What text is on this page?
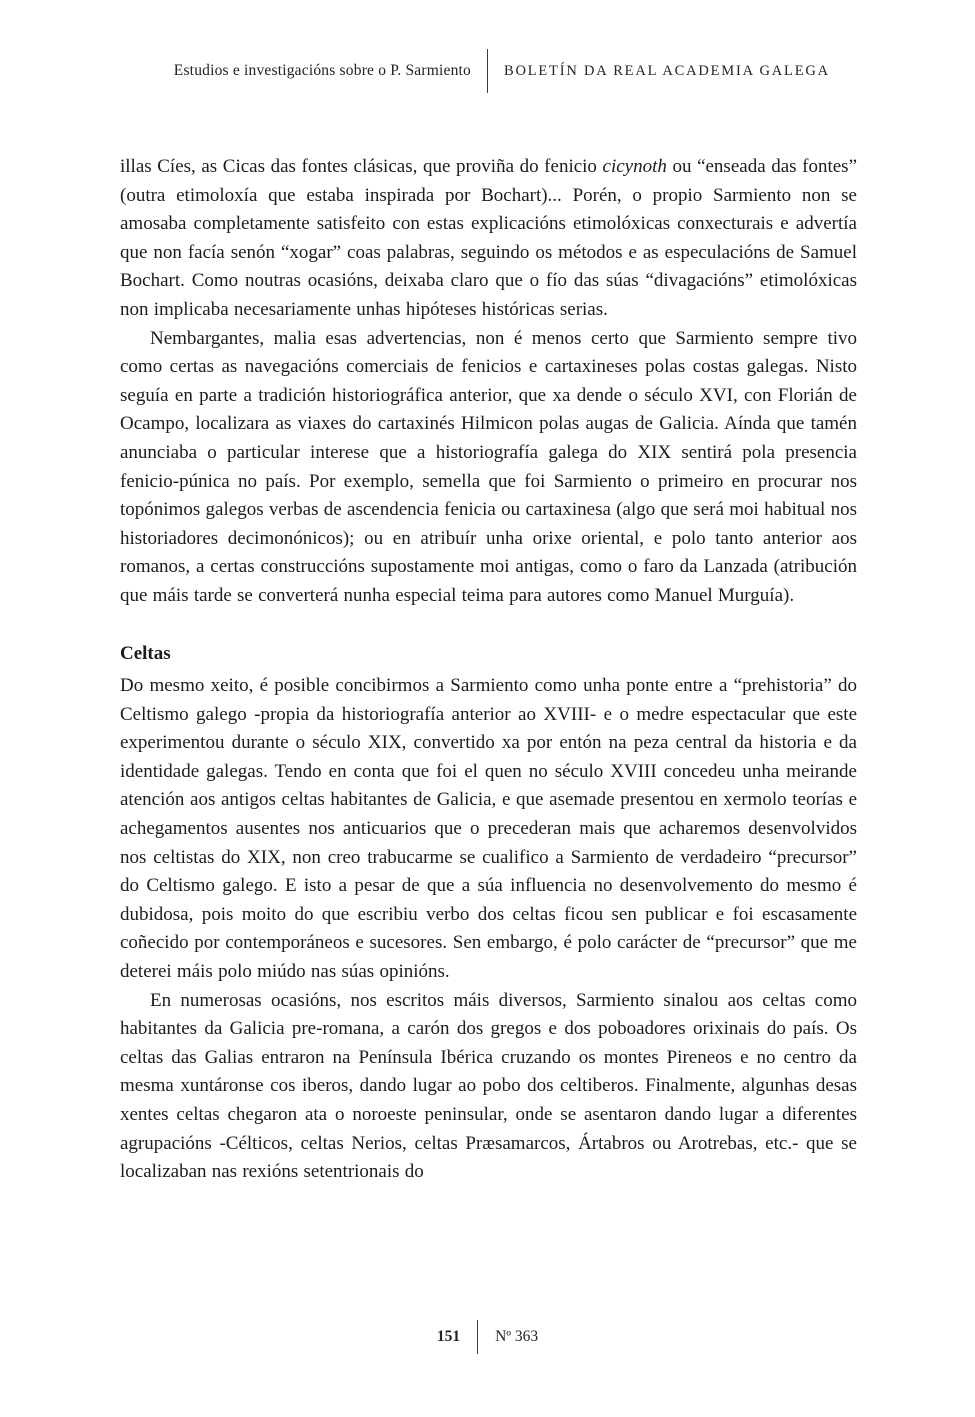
Estudios e investigacións sobre o P. Sarmiento	BOLETÍN DA REAL ACADEMIA GALEGA

illas Cíes, as Cicas das fontes clásicas, que proviña do fenicio cicynoth ou “enseada das fontes” (outra etimoloxía que estaba inspirada por Bochart)... Porén, o propio Sarmiento non se amosaba completamente satisfeito con estas explicacións etimolóxicas conxecturais e advertía que non facía senón “xogar” coas palabras, seguindo os métodos e as especulacións de Samuel Bochart. Como noutras ocasións, deixaba claro que o fío das súas “divagacións” etimolóxicas non implicaba necesariamente unhas hipóteses históricas serias.

Nembargantes, malia esas advertencias, non é menos certo que Sarmiento sempre tivo como certas as navegacións comerciais de fenicios e cartaxineses polas costas galegas. Nisto seguía en parte a tradición historiográfica anterior, que xa dende o século XVI, con Florián de Ocampo, localizara as viaxes do cartaxinés Hilmicon polas augas de Galicia. Aínda que tamén anunciaba o particular interese que a historiografía galega do XIX sentirá pola presencia fenicio-púnica no país. Por exemplo, semella que foi Sarmiento o primeiro en procurar nos topónimos galegos verbas de ascendencia fenicia ou cartaxinesa (algo que será moi habitual nos historiadores decimonónicos); ou en atribuír unha orixe oriental, e polo tanto anterior aos romanos, a certas construccións supostamente moi antigas, como o faro da Lanzada (atribución que máis tarde se converterá nunha especial teima para autores como Manuel Murguía).

Celtas

Do mesmo xeito, é posible concibirmos a Sarmiento como unha ponte entre a “prehistoria” do Celtismo galego -propia da historiografía anterior ao XVIII- e o medre espectacular que este experimentou durante o século XIX, convertido xa por entón na peza central da historia e da identidade galegas. Tendo en conta que foi el quen no século XVIII concedeu unha meirande atención aos antigos celtas habitantes de Galicia, e que asemade presentou en xermolo teorías e achegamentos ausentes nos anticuarios que o precederan mais que acharemos desenvolvidos nos celtistas do XIX, non creo trabucarme se cualifico a Sarmiento de verdadeiro “precursor” do Celtismo galego. E isto a pesar de que a súa influencia no desenvolvemento do mesmo é dubidosa, pois moito do que escribiu verbo dos celtas ficou sen publicar e foi escasamente coñecido por contemporáneos e sucesores. Sen embargo, é polo carácter de “precursor” que me deterei máis polo miúdo nas súas opinións.

En numerosas ocasións, nos escritos máis diversos, Sarmiento sinalou aos celtas como habitantes da Galicia pre-romana, a carón dos gregos e dos poboadores orixinais do país. Os celtas das Galias entraron na Península Ibérica cruzando os montes Pireneos e no centro da mesma xuntáronse cos iberos, dando lugar ao pobo dos celtiberos. Finalmente, algunhas desas xentes celtas chegaron ata o noroeste peninsular, onde se asentaron dando lugar a diferentes agrupacións -Célticos, celtas Nerios, celtas Præsamarcos, Ártabros ou Arotrebas, etc.- que se localizaban nas rexións setentrionais do

151	Nº 363
